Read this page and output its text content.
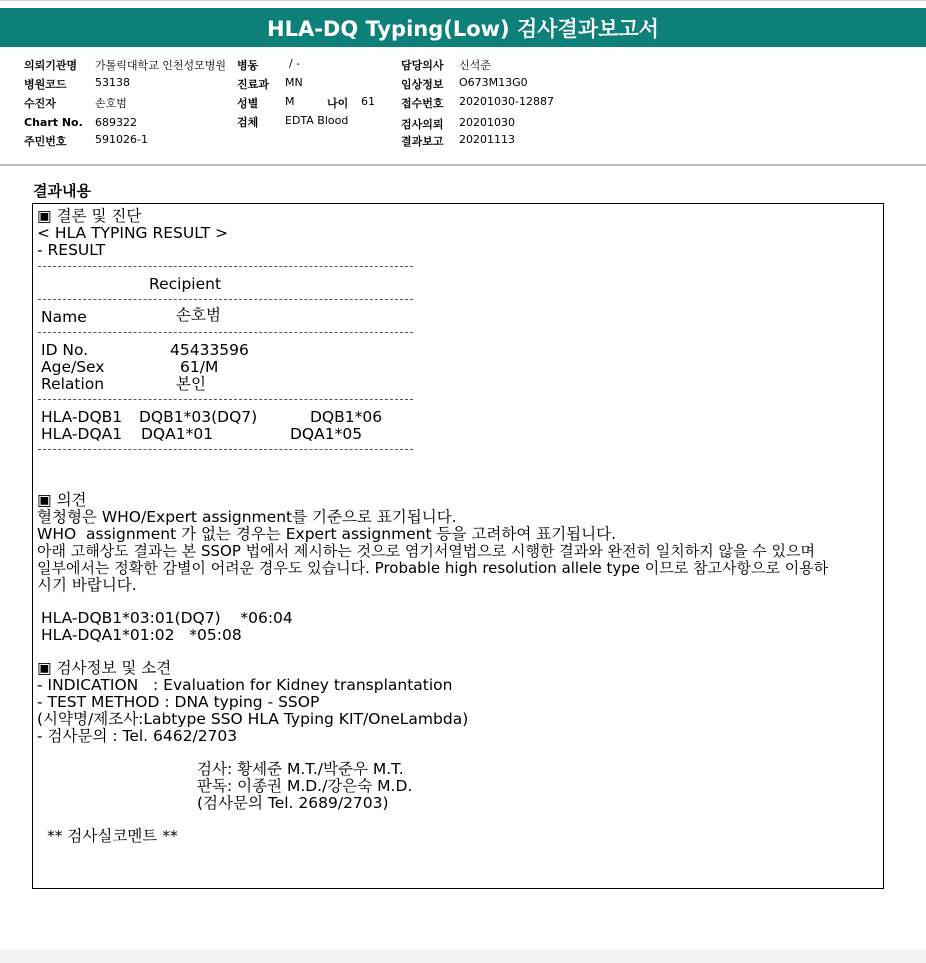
HLA-DQ Typing(Low) 검사결과보고서
의뢰기관명 가톨릭대학교 인천성모병원 병동	/ -	담당의사 신석준
병원코드	53138	진료과 MN	임상정보 O673M13G0
수진자	손호범	성별 M	나이 61 접수번호 20201030-12887
Chart No. 689322	검체 EDTA Blood	검사의뢰 20201030
주민번호	591026-1	결과보고 20201113
결과내용
▣ 결론 및 진단
< HLA TYPING RESULT >
- RESULT
Recipient
Name	손호범
ID No.	45433596
Age/Sex	61/M
Relation	본인
HLA-DQB1 DQB1*03(DQ7)	DQB1*06
HLA-DQA1 DQA1*01	DQA1*05
▣ 의견
혈청형은 WHO/Expert assignment를 기준으로 표기됩니다.
WHO  assignment 가 없는 경우는 Expert assignment 등을 고려하여 표기됩니다.
아래 고해상도 결과는 본 SSOP 법에서 제시하는 것으로 염기서열법으로 시행한 결과와 완전히 일치하지 않을 수 있으며
일부에서는 정확한 감별이 어려운 경우도 있습니다. Probable high resolution allele type 이므로 참고사항으로 이용하
시기 바랍니다.
HLA-DQB1*03:01(DQ7)    *06:04
HLA-DQA1*01:02   *05:08
▣ 검사정보 및 소견
- INDICATION   : Evaluation for Kidney transplantation
- TEST METHOD : DNA typing - SSOP
(시약명/제조사:Labtype SSO HLA Typing KIT/OneLambda)
- 검사문의 : Tel. 6462/2703
검사: 황세준 M.T./박준우 M.T.
판독: 이종권 M.D./강은숙 M.D.
(검사문의 Tel. 2689/2703)
** 검사실코멘트 **
